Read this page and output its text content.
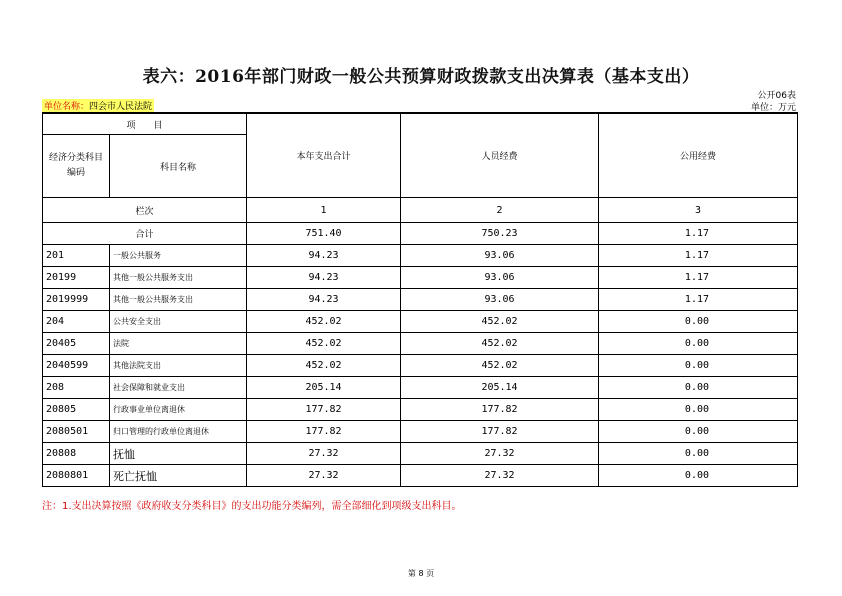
表六：2016年部门财政一般公共预算财政拨款支出决算表（基本支出）
公开06表
单位：万元
单位名称：四会市人民法院
项　　目		本年支出合计	人员经费	公用经费
经济分类科目编码	科目名称			
栏次		1	2	3
合计		751.40	750.23	1.17
201	一般公共服务	94.23	93.06	1.17
20199	其他一般公共服务支出	94.23	93.06	1.17
2019999	其他一般公共服务支出	94.23	93.06	1.17
204	公共安全支出	452.02	452.02	0.00
20405	法院	452.02	452.02	0.00
2040599	其他法院支出	452.02	452.02	0.00
208	社会保障和就业支出	205.14	205.14	0.00
20805	行政事业单位离退休	177.82	177.82	0.00
2080501	归口管理的行政单位离退休	177.82	177.82	0.00
20808	抚恤	27.32	27.32	0.00
2080801	死亡抚恤	27.32	27.32	0.00
注：1.支出决算按照《政府收支分类科目》的支出功能分类编列，需全部细化到项级支出科目。
第 8 页
